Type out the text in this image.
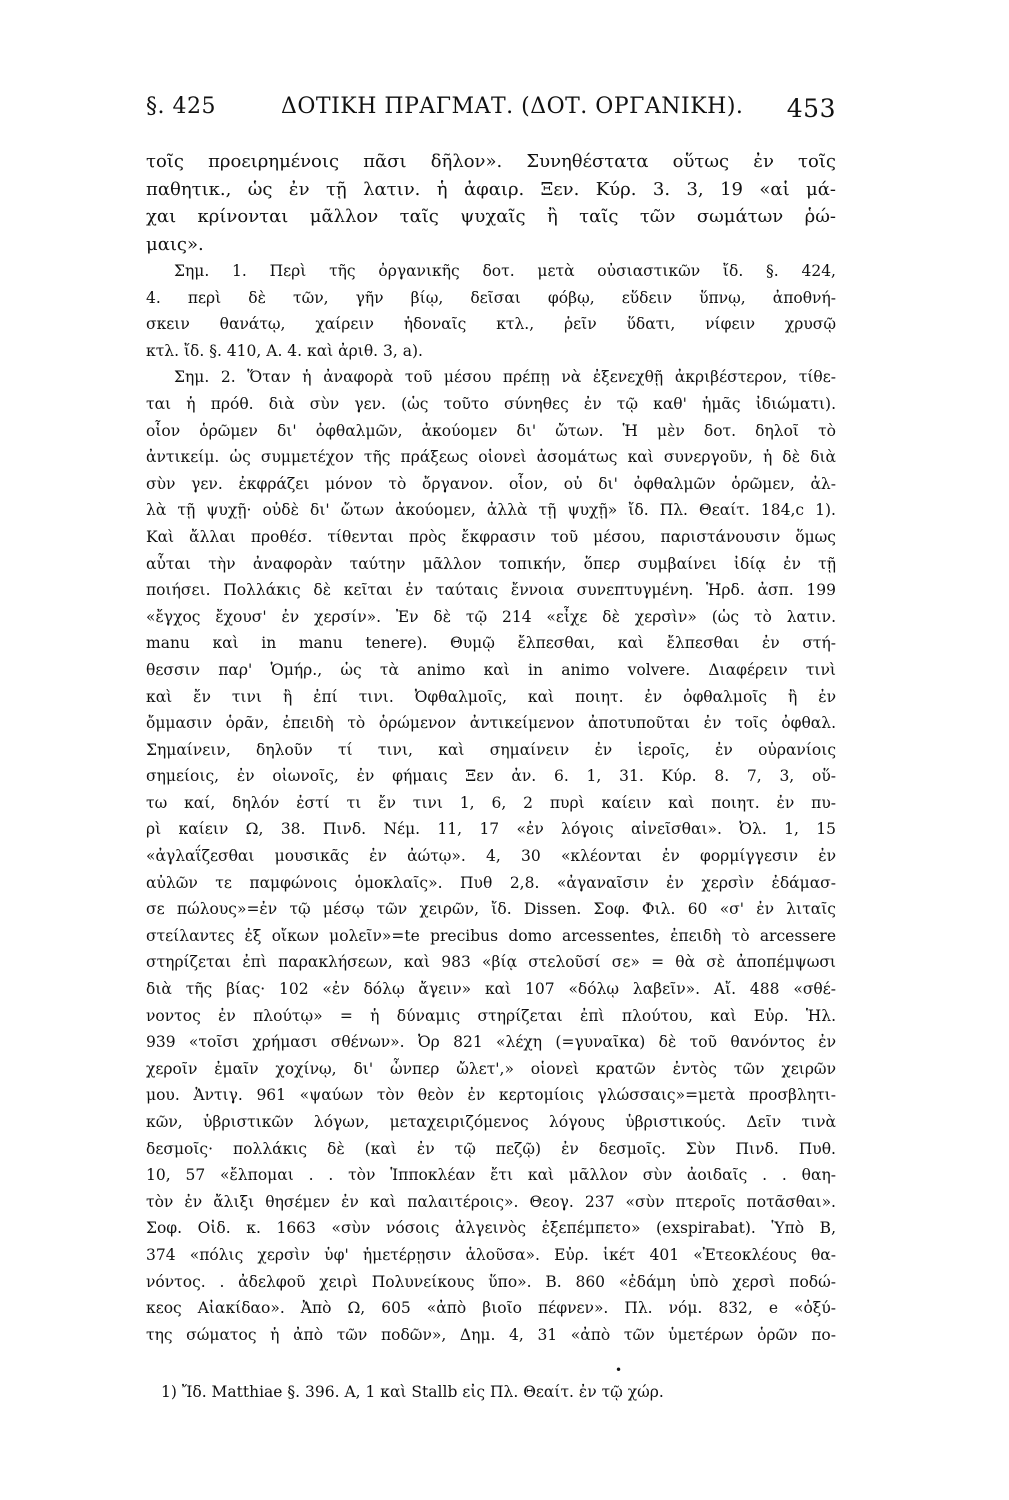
§. 425	ΔΟΤΙΚΗ ΠΡΑΓΜΑΤ. (ΔΟΤ. ΟΡΓΑΝΙΚΗ). 453
τοῖς προειρημένοις πᾶσι δῆλον». Συνηθέστατα οὕτως ἐν τοῖς
παθητικ., ὡς ἐν τῇ λατιν. ἡ ἀφαιρ. Ξεν. Κύρ. 3. 3, 19 «αἱ μά-
χαι κρίνονται μᾶλλον ταῖς ψυχαῖς ἢ ταῖς τῶν σωμάτων ῥώ-
μαις».
Σημ. 1. Περὶ τῆς ὀργανικῆς δοτ. μετὰ οὐσιαστικῶν ἴδ. §. 424,
4. περὶ δὲ τῶν, γῆν βίῳ, δεῖσαι φόβῳ, εὕδειν ὕπνῳ, ἀποθνή-
σκειν θανάτῳ, χαίρειν ἡδοναῖς κτλ., ῥεῖν ὕδατι, νίφειν χρυσῷ
κτλ. ἴδ. §. 410, Α. 4. καὶ ἀριθ. 3, a).
Σημ. 2. Ὅταν ἡ ἀναφορὰ τοῦ μέσου πρέπῃ νὰ ἐξενεχθῇ ἀκριβέστερον, τίθε-
ται ἡ πρόθ. διὰ σὺν γεν. (ὡς τοῦτο σύνηθες ἐν τῷ καθ' ἡμᾶς ἰδιώματι).
οἷον ὁρῶμεν δι' ὀφθαλμῶν, ἀκούομεν δι' ὤτων. Ἡ μὲν δοτ. δηλοῖ τὸ
ἀντικείμ. ὡς συμμετέχον τῆς πράξεως οἱονεὶ ἀσομάτως καὶ συνεργοῦν, ἡ δὲ διὰ
σὺν γεν. ἐκφράζει μόνον τὸ ὄργανον. οἷον, οὐ δι' ὀφθαλμῶν ὁρῶμεν, ἀλ-
λὰ τῇ ψυχῇ· οὐδὲ δι' ὤτων ἀκούομεν, ἀλλὰ τῇ ψυχῇ» ἴδ. Πλ. Θεαίτ. 184,c 1).
Καὶ ἄλλαι προθέσ. τίθενται πρὸς ἔκφρασιν τοῦ μέσου, παριστάνουσιν ὅμως
αὗται τὴν ἀναφορὰν ταύτην μᾶλλον τοπικήν, ὅπερ συμβαίνει ἰδίᾳ ἐν τῇ
ποιήσει. Πολλάκις δὲ κεῖται ἐν ταύταις ἔννοια συνεπτυγμένη. Ἡρδ. ἀσπ. 199
«ἔγχος ἔχουσ' ἐν χερσίν». Ἐν δὲ τῷ 214 «εἶχε δὲ χερσὶν» (ὡς τὸ λατιν.
manu καὶ in manu tenere). Θυμῷ ἔλπεσθαι, καὶ ἔλπεσθαι ἐν στή-
θεσσιν παρ' Ὁμήρ., ὡς τὰ animo καὶ in animo volvere. Διαφέρειν τινὶ
καὶ ἔν τινι ἢ ἐπί τινι. Ὀφθαλμοῖς, καὶ ποιητ. ἐν ὀφθαλμοῖς ἢ ἐν
ὄμμασιν ὁρᾶν, ἐπειδὴ τὸ ὁρώμενον ἀντικείμενον ἀποτυποῦται ἐν τοῖς ὀφθαλ.
Σημαίνειν, δηλοῦν τί τινι, καὶ σημαίνειν ἐν ἱεροῖς, ἐν οὐρανίοις
σημείοις, ἐν οἰωνοῖς, ἐν φήμαις Ξεν ἀν. 6. 1, 31. Κύρ. 8. 7, 3, οὕ-
τω καί, δηλόν ἐστί τι ἔν τινι 1, 6, 2 πυρὶ καίειν καὶ ποιητ. ἐν πυ-
ρὶ καίειν Ω, 38. Πινδ. Νέμ. 11, 17 «ἐν λόγοις αἰνεῖσθαι». Ὀλ. 1, 15
«ἀγλαΐζεσθαι μουσικᾶς ἐν ἀώτῳ». 4, 30 «κλέονται ἐν φορμίγγεσιν ἐν
αὐλῶν τε παμφώνοις ὁμοκλαῖς». Πυθ 2,8. «ἀγαναῖσιν ἐν χερσὶν ἐδάμασ-
σε πώλους»=ἐν τῷ μέσῳ τῶν χειρῶν, ἴδ. Dissen. Σοφ. Φιλ. 60 «σ' ἐν λιταῖς
στείλαντες ἐξ οἴκων μολεῖν»=te precibus domo arcessentes, ἐπειδὴ τὸ arcessere
στηρίζεται ἐπὶ παρακλήσεων, καὶ 983 «βίᾳ στελοῦσί σε» = θὰ σὲ ἀποπέμψωσι
διὰ τῆς βίας· 102 «ἐν δόλῳ ἄγειν» καὶ 107 «δόλῳ λαβεῖν». Αἴ. 488 «σθέ-
νοντος ἐν πλούτῳ» = ἡ δύναμις στηρίζεται ἐπὶ πλούτου, καὶ Εὐρ. Ἡλ.
939 «τοῖσι χρήμασι σθένων». Ὀρ 821 «λέχη (=γυναῖκα) δὲ τοῦ θανόντος ἐν
χεροῖν ἐμαῖν χοχίνῳ, δι' ὧνπερ ὤλετ',» οἱονεὶ κρατῶν ἐντὸς τῶν χειρῶν
μου. Ἀντιγ. 961 «ψαύων τὸν θεὸν ἐν κερτομίοις γλώσσαις»=μετὰ προσβλητι-
κῶν, ὑβριστικῶν λόγων, μεταχειριζόμενος λόγους ὑβριστικούς. Δεῖν τινὰ
δεσμοῖς· πολλάκις δὲ (καὶ ἐν τῷ πεζῷ) ἐν δεσμοῖς. Σὺν Πινδ. Πυθ.
10, 57 «ἔλπομαι . . τὸν Ἱπποκλέαν ἔτι καὶ μᾶλλον σὺν ἀοιδαῖς . . θαη-
τὸν ἐν ἄλιξι θησέμεν ἐν καὶ παλαιτέροις». Θεογ. 237 «σὺν πτεροῖς ποτᾶσθαι».
Σοφ. Οἰδ. κ. 1663 «σὺν νόσοις ἀλγεινὸς ἐξεπέμπετο» (exspirabat). Ὑπὸ Β,
374 «πόλις χερσὶν ὑφ' ἡμετέρῃσιν ἁλοῦσα». Εὐρ. ἱκέτ 401 «Ἐτεοκλέους θα-
νόντος. . ἀδελφοῦ χειρὶ Πολυνείκους ὕπο». Β. 860 «ἐδάμη ὑπὸ χερσὶ ποδώ-
κεος Αἰακίδαο». Ἀπὸ Ω, 605 «ἀπὸ βιοῖο πέφνεν». Πλ. νόμ. 832, e «ὀξύ-
της σώματος ἡ ἀπὸ τῶν ποδῶν», Δημ. 4, 31 «ἀπὸ τῶν ὑμετέρων ὁρῶν πο-
•
1) Ἴδ. Matthiae §. 396. A, 1 καὶ Stallb εἰς Πλ. Θεαίτ. ἐν τῷ χώρ.
